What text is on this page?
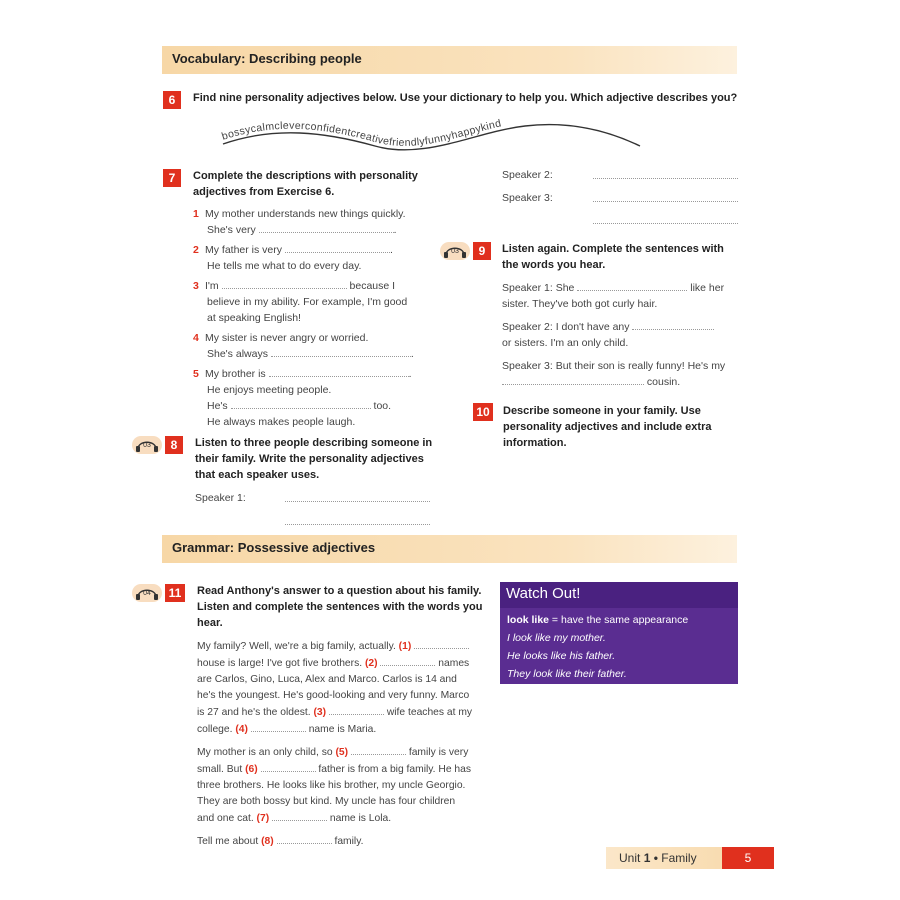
Vocabulary: Describing people
6	Find nine personality adjectives below. Use your dictionary to help you. Which adjective describes you?
bossycalmcleverconfidentcreativefriendlyfunnyhappykind
7	Complete the descriptions with personality adjectives from Exercise 6.
1 My mother understands new things quickly.
She's very	.
2 My father is very	.
He tells me what to do every day.
3 I'm	because I
believe in my ability. For example, I'm good
at speaking English!
4 My sister is never angry or worried.
She's always	.
5 My brother is	.
He enjoys meeting people.
He's	too.
He always makes people laugh.
03	8	Listen to three people describing someone in their family. Write the personality adjectives that each speaker uses.
Speaker 1:
Speaker 2:
Speaker 3:
03	9	Listen again. Complete the sentences with the words you hear.
Speaker 1: She	like her
sister. They've both got curly hair.
Speaker 2: I don't have any
or sisters. I'm an only child.
Speaker 3: But their son is really funny! He's my
cousin.
10	Describe someone in your family. Use personality adjectives and include extra information.
Grammar: Possessive adjectives
04	11	Read Anthony's answer to a question about his family. Listen and complete the sentences with the words you hear.
My family? Well, we're a big family, actually. (1)
house is large! I've got five brothers. (2)	names
are Carlos, Gino, Luca, Alex and Marco. Carlos is 14 and
he's the youngest. He's good-looking and very funny. Marco
is 27 and he's the oldest. (3)	wife teaches at my
college. (4)	name is Maria.
My mother is an only child, so (5)	family is very
small. But (6)	father is from a big family. He has
three brothers. He looks like his brother, my uncle Georgio.
They are both bossy but kind. My uncle has four children
and one cat. (7)	name is Lola.
Tell me about (8)	family.
Watch Out!
look like = have the same appearance
I look like my mother.
He looks like his father.
They look like their father.
Unit 1 • Family	5
